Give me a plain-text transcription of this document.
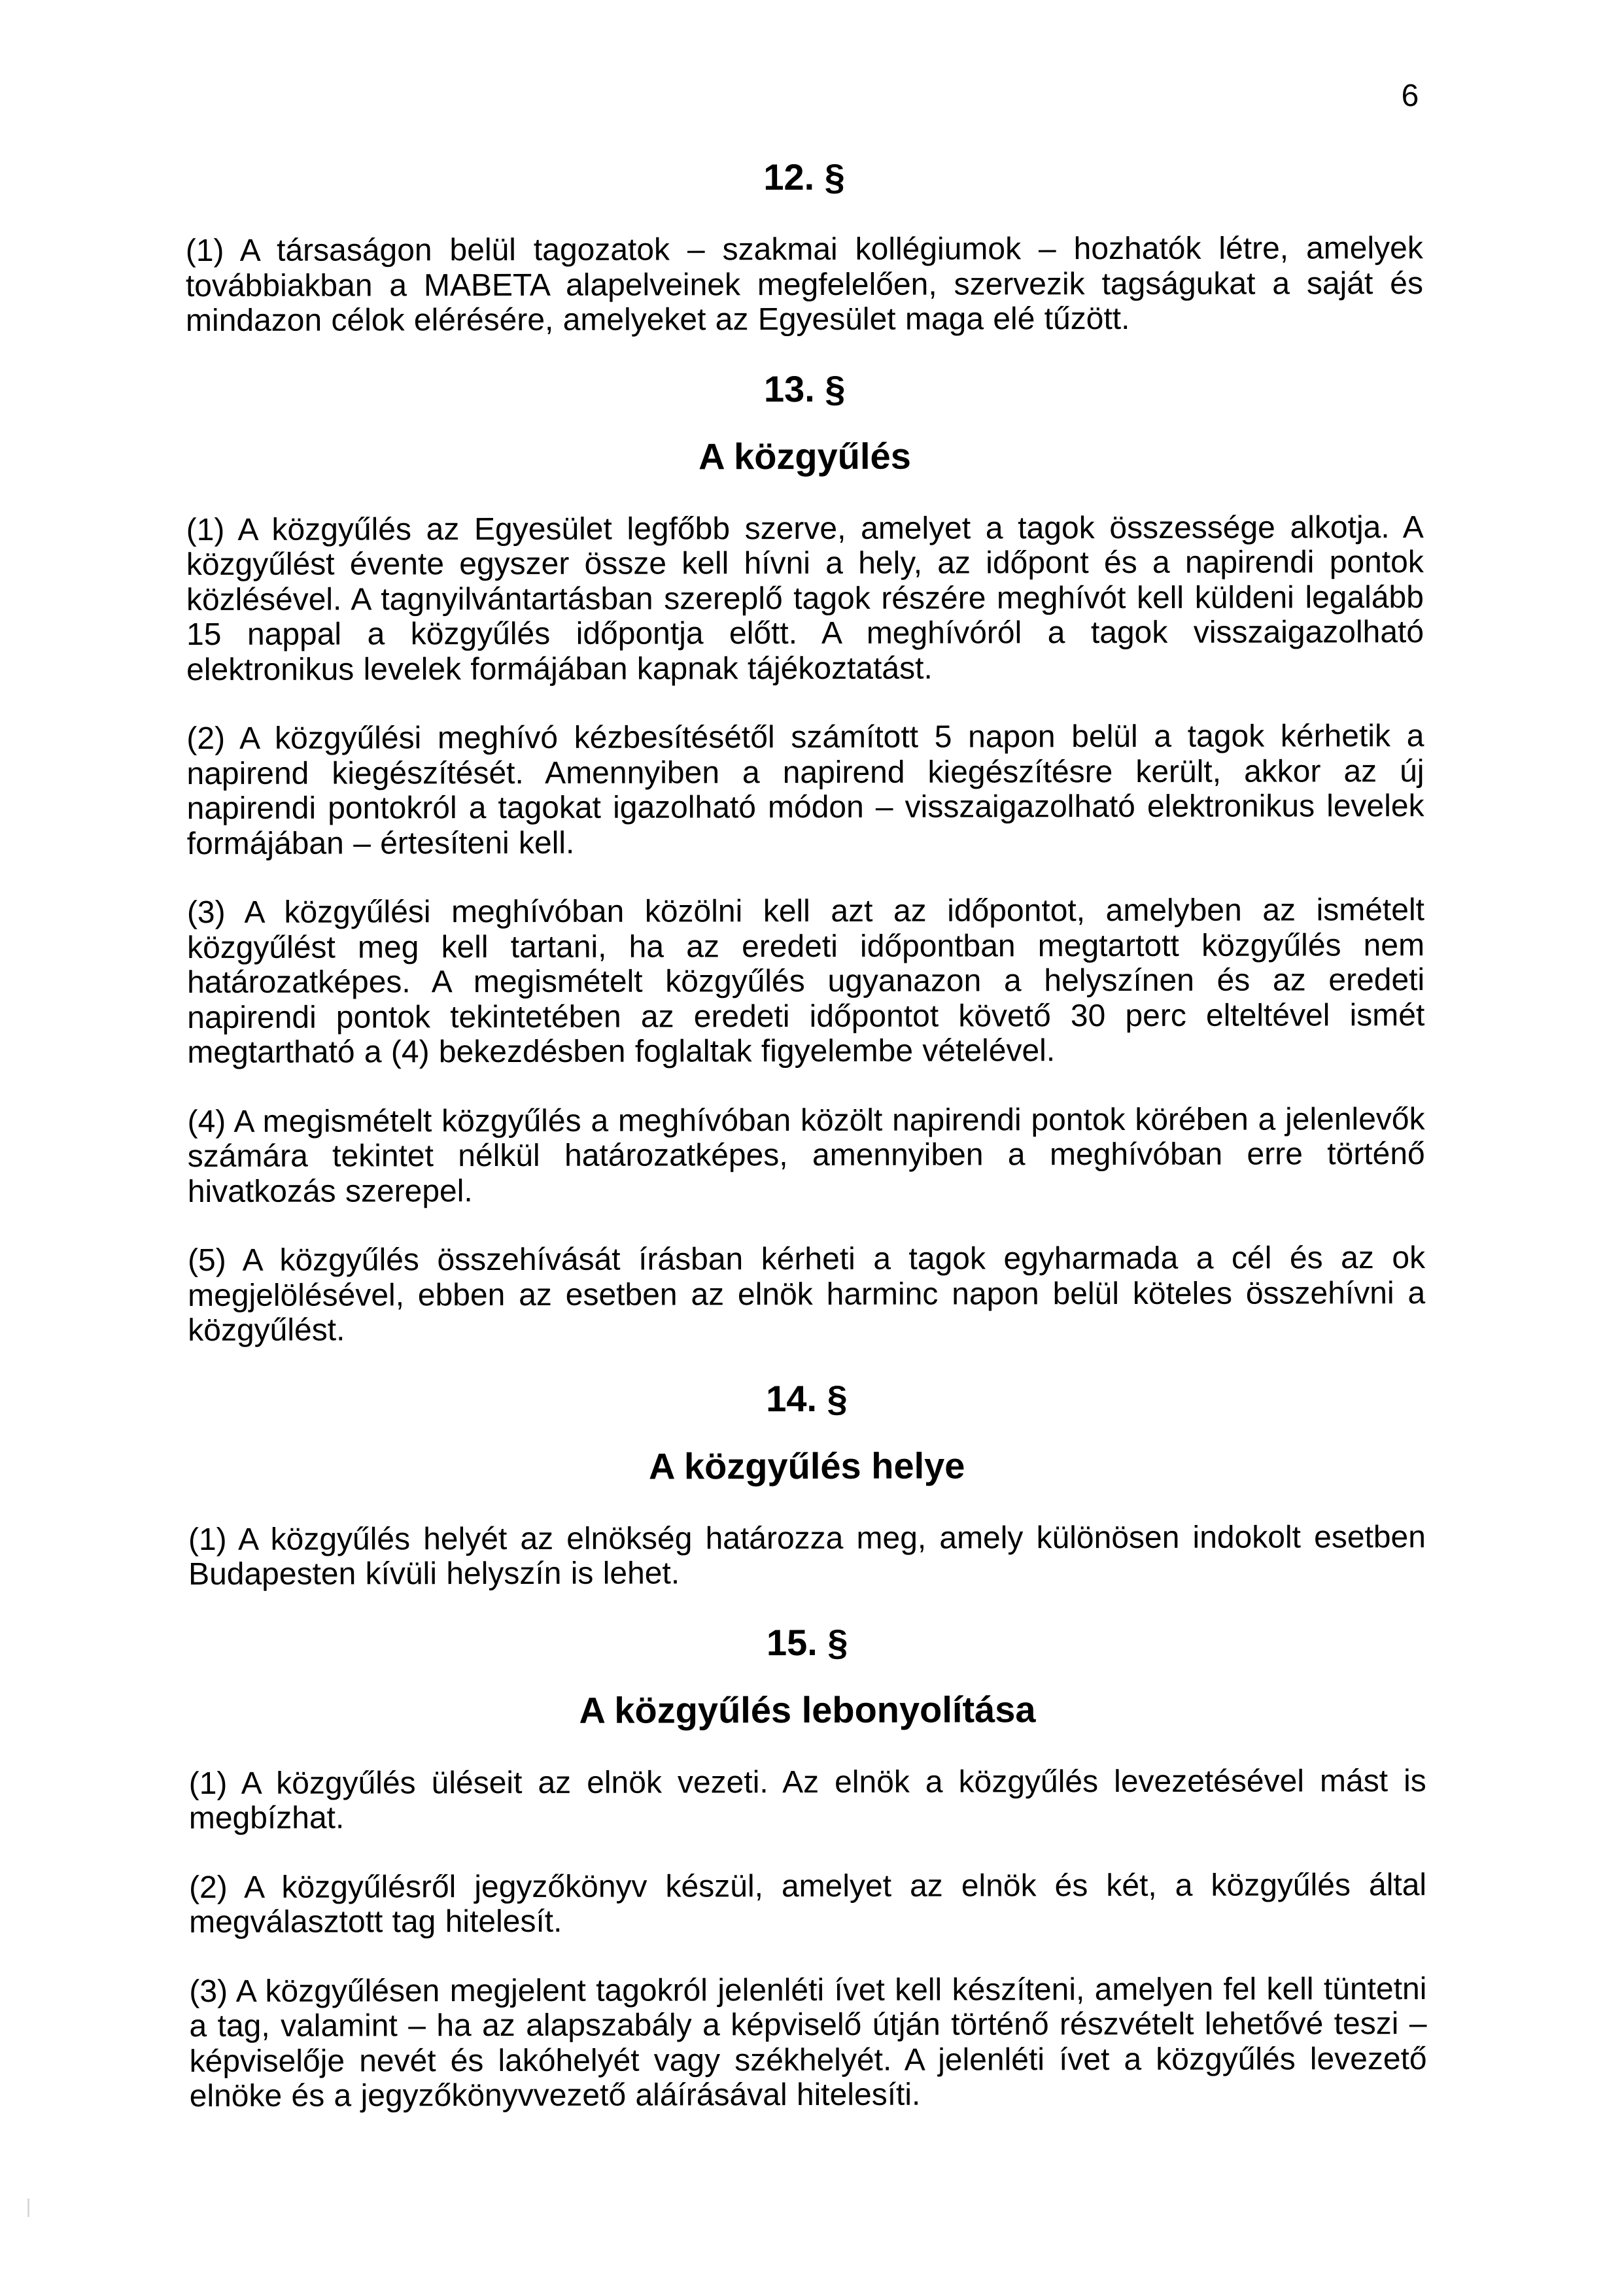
6
12. §

(1) A társaságon belül tagozatok – szakmai kollégiumok – hozhatók létre, amelyek továbbiakban a MABETA alapelveinek megfelelően, szervezik tagságukat a saját és mindazon célok elérésére, amelyeket az Egyesület maga elé tűzött.

13. §
A közgyűlés

(1) A közgyűlés az Egyesület legfőbb szerve, amelyet a tagok összessége alkotja. A közgyűlést évente egyszer össze kell hívni a hely, az időpont és a napirendi pontok közlésével. A tagnyilvántartásban szereplő tagok részére meghívót kell küldeni legalább 15 nappal a közgyűlés időpontja előtt. A meghívóról a tagok visszaigazolható elektronikus levelek formájában kapnak tájékoztatást.

(2) A közgyűlési meghívó kézbesítésétől számított 5 napon belül a tagok kérhetik a napirend kiegészítését. Amennyiben a napirend kiegészítésre került, akkor az új napirendi pontokról a tagokat igazolható módon – visszaigazolható elektronikus levelek formájában – értesíteni kell.

(3) A közgyűlési meghívóban közölni kell azt az időpontot, amelyben az ismételt közgyűlést meg kell tartani, ha az eredeti időpontban megtartott közgyűlés nem határozatképes. A megismételt közgyűlés ugyanazon a helyszínen és az eredeti napirendi pontok tekintetében az eredeti időpontot követő 30 perc elteltével ismét megtartható a (4) bekezdésben foglaltak figyelembe vételével.

(4) A megismételt közgyűlés a meghívóban közölt napirendi pontok körében a jelenlevők számára tekintet nélkül határozatképes, amennyiben a meghívóban erre történő hivatkozás szerepel.

(5) A közgyűlés összehívását írásban kérheti a tagok egyharmada a cél és az ok megjelölésével, ebben az esetben az elnök harminc napon belül köteles összehívni a közgyűlést.

14. §
A közgyűlés helye

(1) A közgyűlés helyét az elnökség határozza meg, amely különösen indokolt esetben Budapesten kívüli helyszín is lehet.

15. §
A közgyűlés lebonyolítása

(1) A közgyűlés üléseit az elnök vezeti. Az elnök a közgyűlés levezetésével mást is megbízhat.

(2) A közgyűlésről jegyzőkönyv készül, amelyet az elnök és két, a közgyűlés által megválasztott tag hitelesít.

(3) A közgyűlésen megjelent tagokról jelenléti ívet kell készíteni, amelyen fel kell tüntetni a tag, valamint – ha az alapszabály a képviselő útján történő részvételt lehetővé teszi – képviselője nevét és lakóhelyét vagy székhelyét. A jelenléti ívet a közgyűlés levezető elnöke és a jegyzőkönyvvezető aláírásával hitelesíti.
